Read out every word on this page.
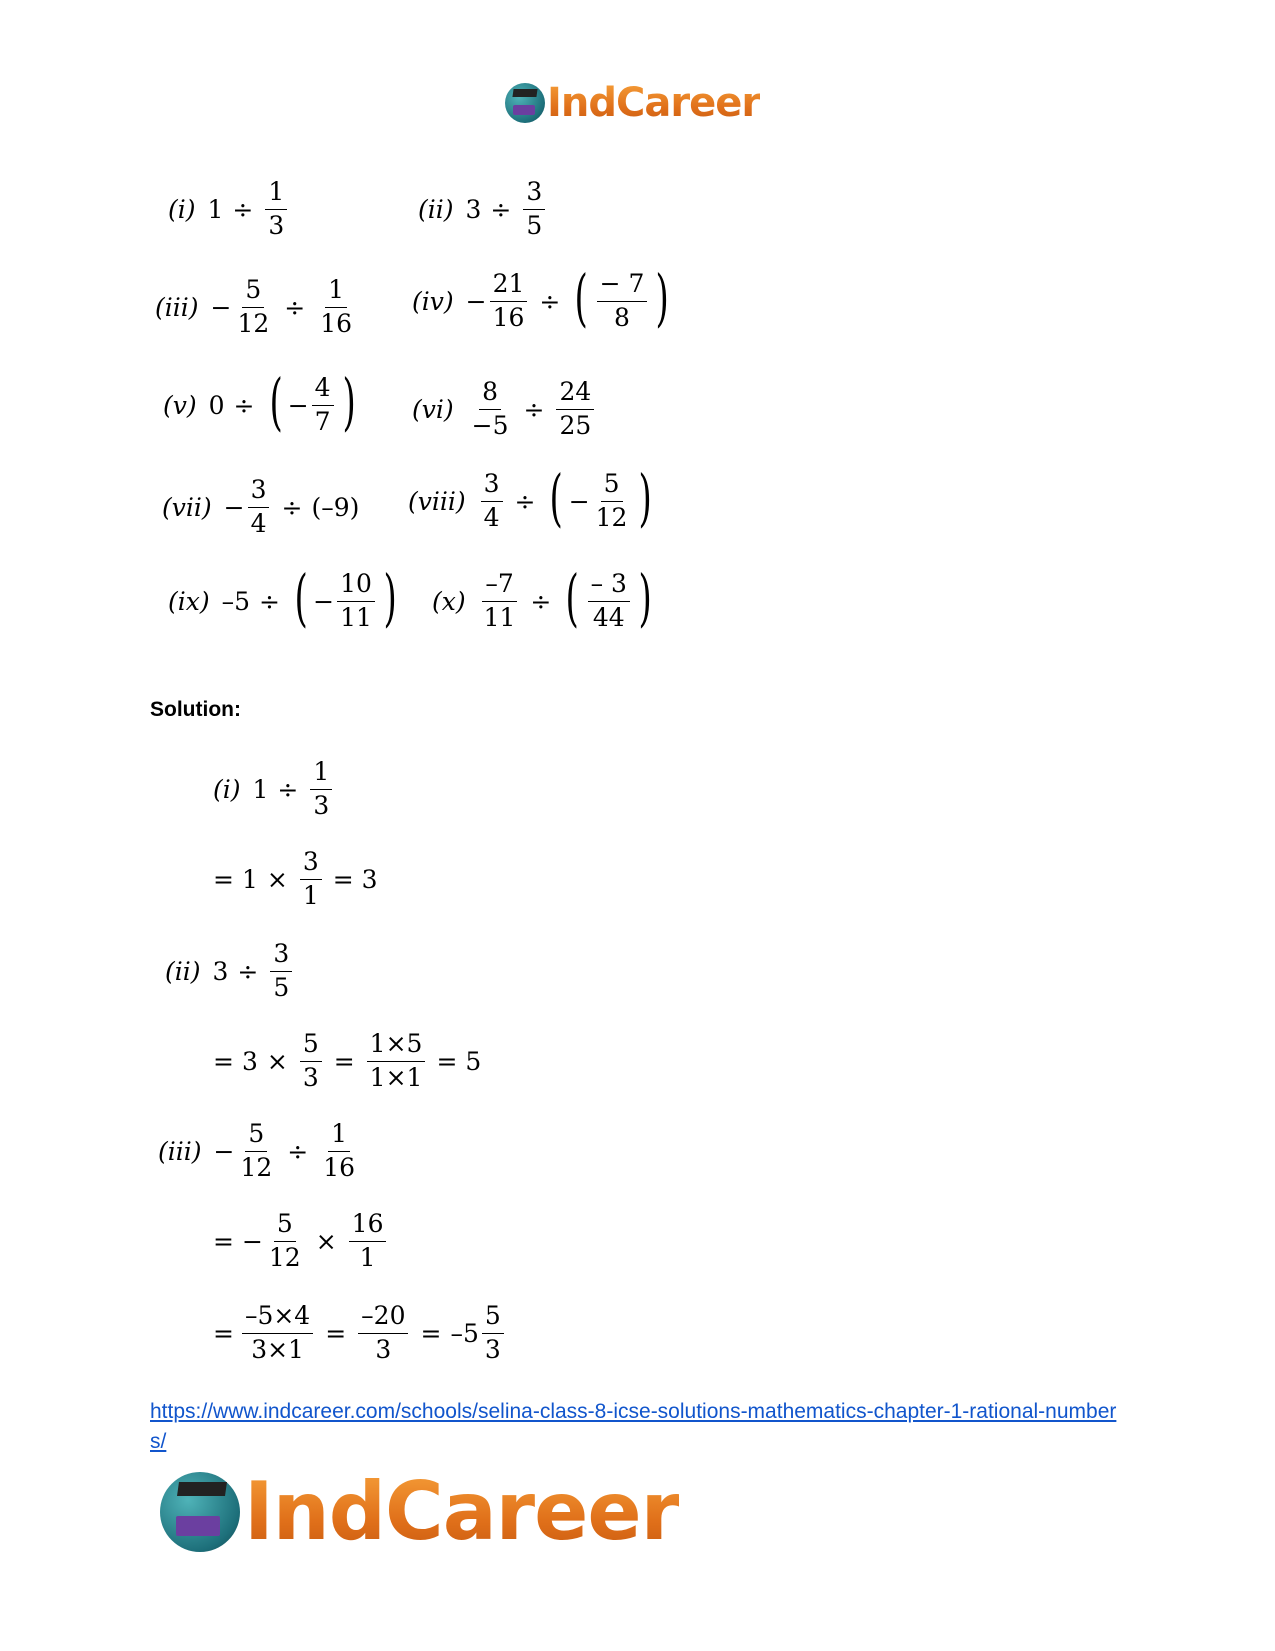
IndCareer
(i) $1 \div \frac{1}{3}$	(ii) $3 \div \frac{3}{5}$
$(iii) - \frac{5}{12} \div \frac{1}{16} (iv) - \frac{21}{16}$ ÷ ( $\frac{- 7}{8}$ )
(v) 0 ÷ ( − $\frac{4}{7}$ ) $(vi) \frac{8}{-5} \div \frac{24}{25}$
$(vii) - \frac{3}{4} \div (-9)$ (viii) $\frac{3}{4}$ ÷ ( − $\frac{5}{12}$ )
(ix) –5 ÷ ( − $\frac{10}{11}$ ) $(x) \frac{-7}{11}$ ÷ ( $\frac{- 3}{44}$ )
Solution:
(i) $1 \div \frac{1}{3}$
= $1 \times \frac{3}{1} = 3$
(ii) $3 \div \frac{3}{5}$
= $3 \times \frac{5}{3} = \frac{1\times 5}{1\times 1} = 5$
$(iii) - \frac{5}{12} \div \frac{1}{16}$
= − $\frac{5}{12} \times \frac{16}{1}$
= $\frac{-5\times 4}{3\times 1} = \frac{-20}{3} = -5 \frac{5}{3}$
https://www.indcareer.com/schools/selina-class-8-icse-solutions-mathematics-chapter-1-rational-numbers/
IndCareer
